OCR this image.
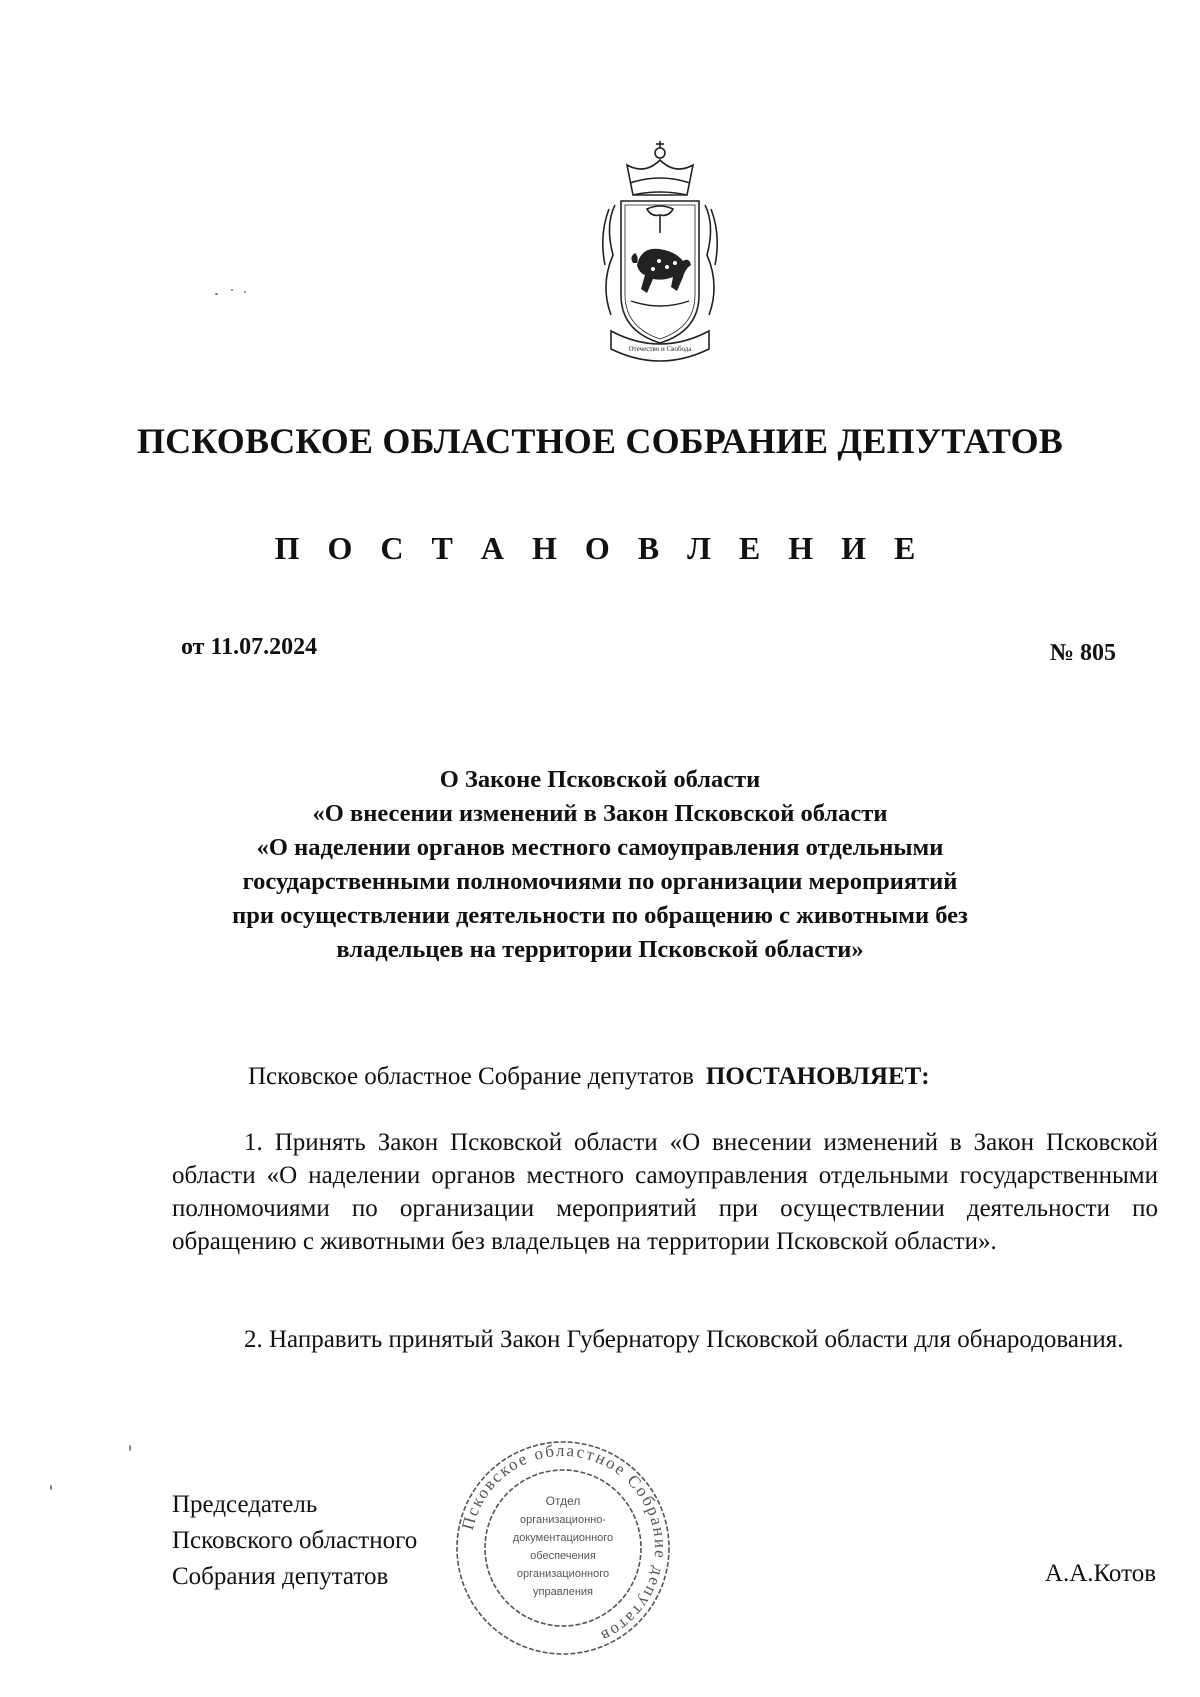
Отечество и Свобода
ПСКОВСКОЕ ОБЛАСТНОЕ СОБРАНИЕ ДЕПУТАТОВ
П О С Т А Н О В Л Е Н И Е
от 11.07.2024	№ 805
О Законе Псковской области
«О внесении изменений в Закон Псковской области
«О наделении органов местного самоуправления отдельными
государственными полномочиями по организации мероприятий
при осуществлении деятельности по обращению с животными без
владельцев на территории Псковской области»
Псковское областное Собрание депутатов ПОСТАНОВЛЯЕТ:

1. Принять Закон Псковской области «О внесении изменений в Закон Псковской области «О наделении органов местного самоуправления отдельными государственными полномочиями по организации мероприятий при осуществлении деятельности по обращению с животными без владельцев на территории Псковской области».

2. Направить принятый Закон Губернатору Псковской области для обнародования.

Председатель
Псковского областного
Собрания депутатов	А.А.Котов
Псковское областное Собрание депутатов
Отдел
организационно-
документационного
обеспечения
организационного
управления
